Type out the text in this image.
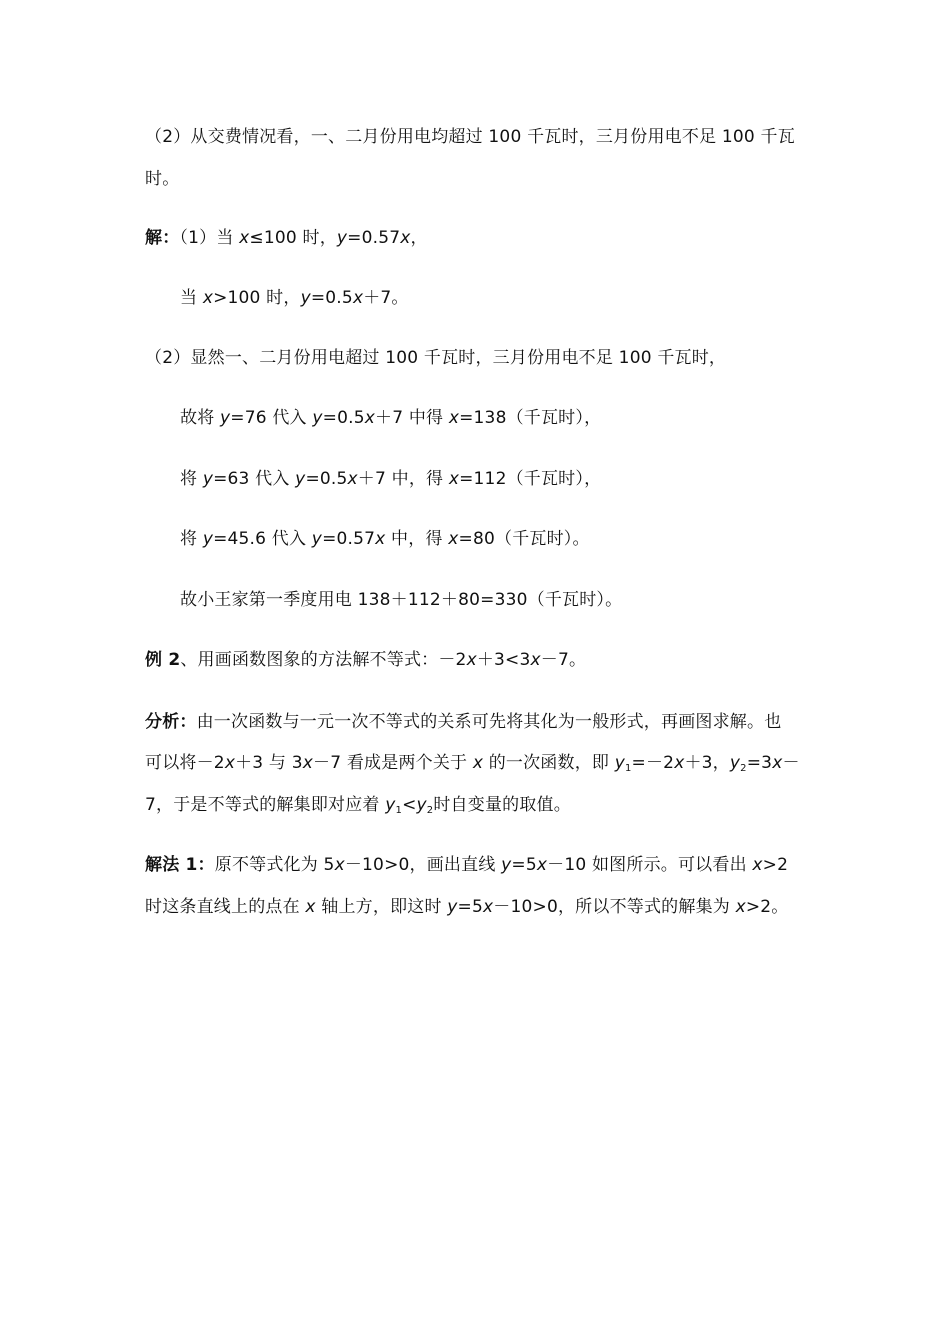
（2）从交费情况看，一、二月份用电均超过 100 千瓦时，三月份用电不足 100 千瓦
时。
解：（1）当 x≤100 时，y=0.57x，
当 x>100 时，y=0.5x＋7。
（2）显然一、二月份用电超过 100 千瓦时，三月份用电不足 100 千瓦时，
故将 y=76 代入 y=0.5x＋7 中得 x=138（千瓦时），
将 y=63 代入 y=0.5x＋7 中，得 x=112（千瓦时），
将 y=45.6 代入 y=0.57x 中，得 x=80（千瓦时）。
故小王家第一季度用电 138＋112＋80=330（千瓦时）。
例 2、用画函数图象的方法解不等式：－2x＋3<3x－7。
分析：由一次函数与一元一次不等式的关系可先将其化为一般形式，再画图求解。也
可以将－2x＋3 与 3x－7 看成是两个关于 x 的一次函数，即 $y_1=-2x+3$，$y_2=3x-$
7，于是不等式的解集即对应着 $y_1<y_2$时自变量的取值。
解法 1：原不等式化为 5x－10>0，画出直线 y=5x－10 如图所示。可以看出 x>2
时这条直线上的点在 x 轴上方，即这时 y=5x－10>0，所以不等式的解集为 x>2。
